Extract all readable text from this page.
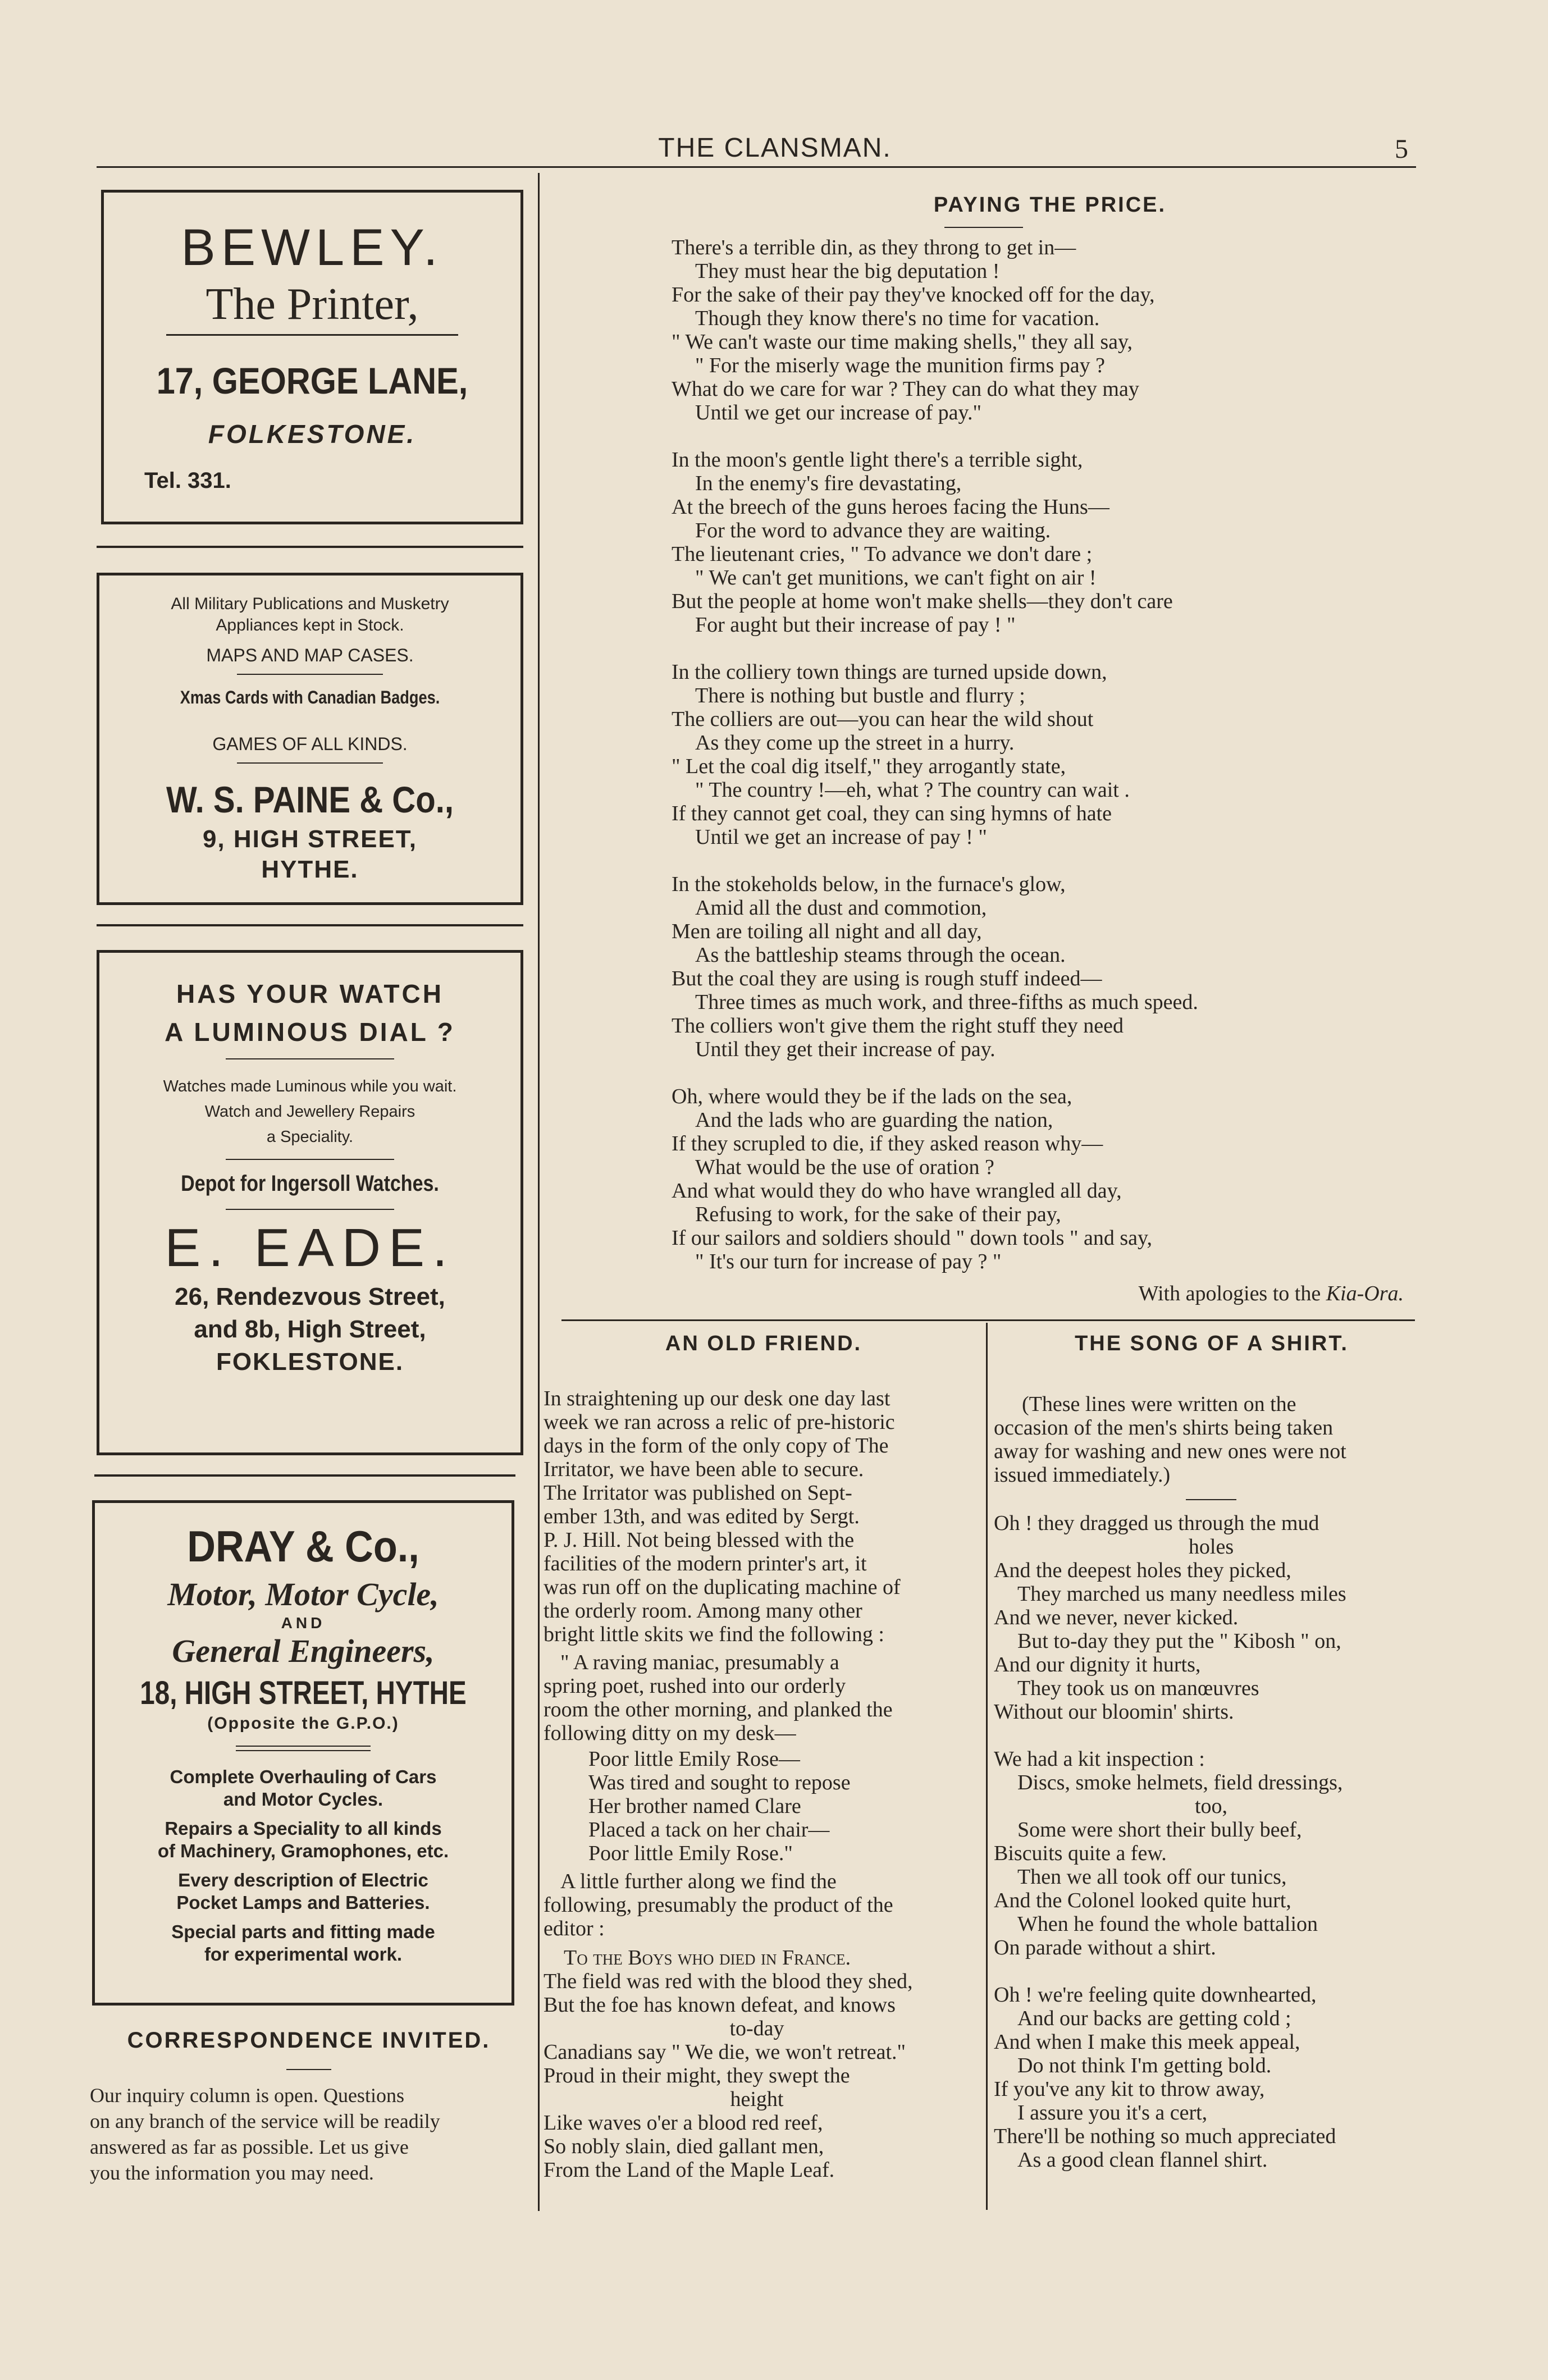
THE CLANSMAN.	5
BEWLEY.
The Printer,
17, GEORGE LANE,
FOLKESTONE.
Tel. 331.
All Military Publications and Musketry
Appliances kept in Stock.
MAPS AND MAP CASES.
Xmas Cards with Canadian Badges.
GAMES OF ALL KINDS.
W. S. PAINE & Co.,
9, HIGH STREET,
HYTHE.
HAS YOUR WATCH
A LUMINOUS DIAL ?
Watches made Luminous while you wait.
Watch and Jewellery Repairs
a Speciality.
Depot for Ingersoll Watches.
E. EADE.
26, Rendezvous Street,
and 8b, High Street,
FOKLESTONE.
DRAY & Co.,
Motor, Motor Cycle,
AND
General Engineers,
18, HIGH STREET, HYTHE
(Opposite the G.P.O.)
Complete Overhauling of Cars
and Motor Cycles.
Repairs a Speciality to all kinds
of Machinery, Gramophones, etc.
Every description of Electric
Pocket Lamps and Batteries.
Special parts and fitting made
for experimental work.
CORRESPONDENCE INVITED.
Our inquiry column is open. Questions
on any branch of the service will be readily
answered as far as possible. Let us give
you the information you may need.
PAYING THE PRICE.

There's a terrible din, as they throng to get in—

They must hear the big deputation !

For the sake of their pay they've knocked off for the day,

Though they know there's no time for vacation.

" We can't waste our time making shells," they all say,

" For the miserly wage the munition firms pay ?

What do we care for war ? They can do what they may

Until we get our increase of pay."

In the moon's gentle light there's a terrible sight,

In the enemy's fire devastating,

At the breech of the guns heroes facing the Huns—

For the word to advance they are waiting.

The lieutenant cries, " To advance we don't dare ;

" We can't get munitions, we can't fight on air !

But the people at home won't make shells—they don't care

For aught but their increase of pay ! "

In the colliery town things are turned upside down,

There is nothing but bustle and flurry ;

The colliers are out—you can hear the wild shout

As they come up the street in a hurry.

" Let the coal dig itself," they arrogantly state,

" The country !—eh, what ? The country can wait .

If they cannot get coal, they can sing hymns of hate

Until we get an increase of pay ! "

In the stokeholds below, in the furnace's glow,

Amid all the dust and commotion,

Men are toiling all night and all day,

As the battleship steams through the ocean.

But the coal they are using is rough stuff indeed—

Three times as much work, and three-fifths as much speed.

The colliers won't give them the right stuff they need

Until they get their increase of pay.

Oh, where would they be if the lads on the sea,

And the lads who are guarding the nation,

If they scrupled to die, if they asked reason why—

What would be the use of oration ?

And what would they do who have wrangled all day,

Refusing to work, for the sake of their pay,

If our sailors and soldiers should " down tools " and say,

" It's our turn for increase of pay ? "

With apologies to the Kia-Ora.
AN OLD FRIEND.
In straightening up our desk one day last
week we ran across a relic of pre-historic
days in the form of the only copy of The
Irritator, we have been able to secure.
The Irritator was published on Sept-
ember 13th, and was edited by Sergt.
P. J. Hill. Not being blessed with the
facilities of the modern printer's art, it
was run off on the duplicating machine of
the orderly room. Among many other
bright little skits we find the following :
" A raving maniac, presumably a
spring poet, rushed into our orderly
room the other morning, and planked the
following ditty on my desk—
Poor little Emily Rose—
Was tired and sought to repose
Her brother named Clare
Placed a tack on her chair—
Poor little Emily Rose."
A little further along we find the
following, presumably the product of the
editor :
To the Boys who died in France.
The field was red with the blood they shed,
But the foe has known defeat, and knows
to-day
Canadians say " We die, we won't retreat."
Proud in their might, they swept the
height
Like waves o'er a blood red reef,
So nobly slain, died gallant men,
From the Land of the Maple Leaf.
THE SONG OF A SHIRT.
(These lines were written on the
occasion of the men's shirts being taken
away for washing and new ones were not
issued immediately.)
Oh ! they dragged us through the mud
holes
And the deepest holes they picked,
They marched us many needless miles
And we never, never kicked.
But to-day they put the " Kibosh " on,
And our dignity it hurts,
They took us on manœuvres
Without our bloomin' shirts.
We had a kit inspection :
Discs, smoke helmets, field dressings,
too,
Some were short their bully beef,
Biscuits quite a few.
Then we all took off our tunics,
And the Colonel looked quite hurt,
When he found the whole battalion
On parade without a shirt.
Oh ! we're feeling quite downhearted,
And our backs are getting cold ;
And when I make this meek appeal,
Do not think I'm getting bold.
If you've any kit to throw away,
I assure you it's a cert,
There'll be nothing so much appreciated
As a good clean flannel shirt.
